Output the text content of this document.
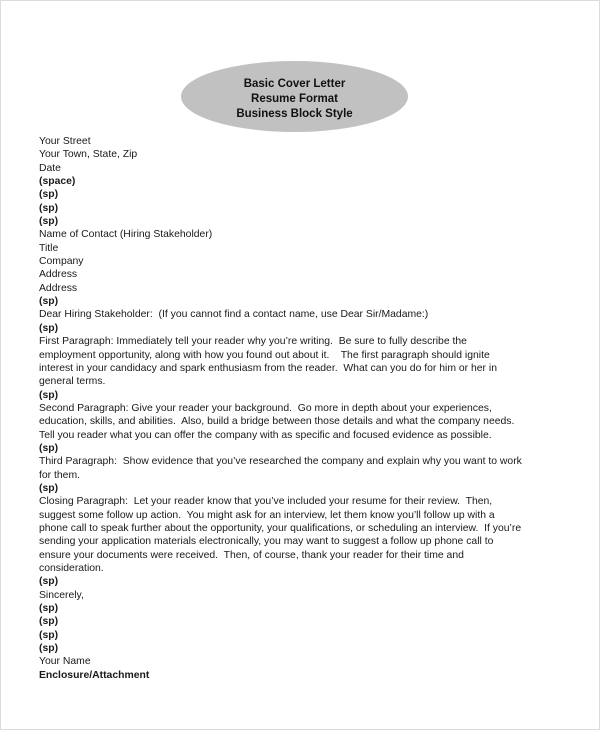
Basic Cover Letter
Resume Format
Business Block Style
Your Street
Your Town, State, Zip
Date
(space)
(sp)
(sp)
(sp)
Name of Contact (Hiring Stakeholder)
Title
Company
Address
Address
(sp)
Dear Hiring Stakeholder:  (If you cannot find a contact name, use Dear Sir/Madame:)
(sp)
First Paragraph: Immediately tell your reader why you’re writing.  Be sure to fully describe the
employment opportunity, along with how you found out about it.    The first paragraph should ignite
interest in your candidacy and spark enthusiasm from the reader.  What can you do for him or her in
general terms.
(sp)
Second Paragraph: Give your reader your background.  Go more in depth about your experiences,
education, skills, and abilities.  Also, build a bridge between those details and what the company needs.
Tell you reader what you can offer the company with as specific and focused evidence as possible.
(sp)
Third Paragraph:  Show evidence that you’ve researched the company and explain why you want to work
for them.
(sp)
Closing Paragraph:  Let your reader know that you’ve included your resume for their review.  Then,
suggest some follow up action.  You might ask for an interview, let them know you’ll follow up with a
phone call to speak further about the opportunity, your qualifications, or scheduling an interview.  If you’re
sending your application materials electronically, you may want to suggest a follow up phone call to
ensure your documents were received.  Then, of course, thank your reader for their time and
consideration.
(sp)
Sincerely,
(sp)
(sp)
(sp)
(sp)
Your Name
Enclosure/Attachment
